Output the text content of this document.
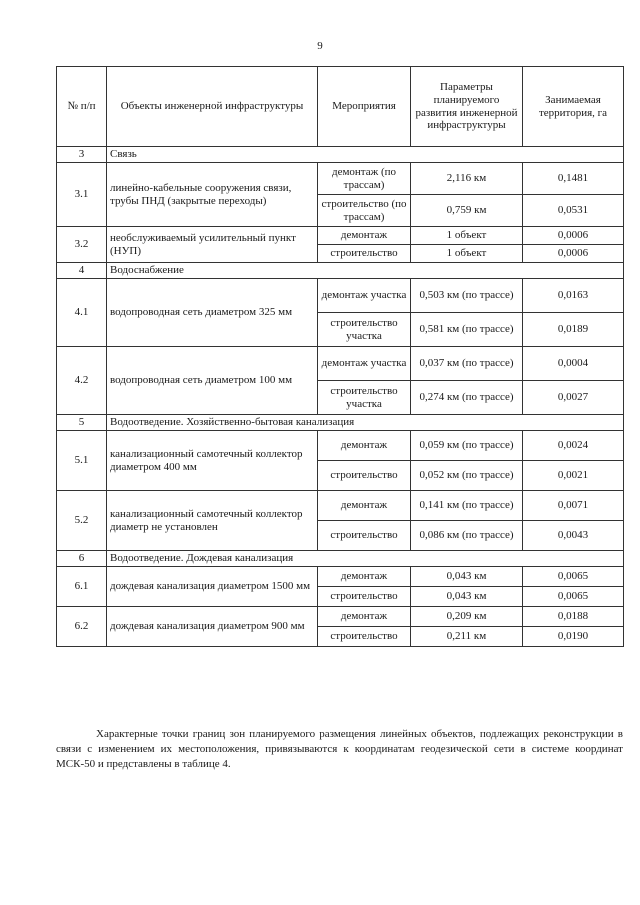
9
№ п/п	Объекты инженерной инфраструктуры	Мероприятия	Параметры планируемого развития инженерной инфраструктуры	Занимаемая территория, га
3	Связь			
3.1	линейно-кабельные сооружения связи, трубы ПНД (закрытые переходы)	демонтаж (по трассам)	2,116 км	0,1481
		строительство (по трассам)	0,759 км	0,0531
3.2	необслуживаемый усилительный пункт (НУП)	демонтаж	1 объект	0,0006
		строительство	1 объект	0,0006
4	Водоснабжение			
4.1	водопроводная сеть диаметром 325 мм	демонтаж участка	0,503 км (по трассе)	0,0163
		строительство участка	0,581 км (по трассе)	0,0189
4.2	водопроводная сеть диаметром 100 мм	демонтаж участка	0,037 км (по трассе)	0,0004
		строительство участка	0,274 км (по трассе)	0,0027
5	Водоотведение. Хозяйственно-бытовая канализация			
5.1	канализационный самотечный коллектор диаметром 400 мм	демонтаж	0,059 км (по трассе)	0,0024
		строительство	0,052 км (по трассе)	0,0021
5.2	канализационный самотечный коллектор диаметр не установлен	демонтаж	0,141 км (по трассе)	0,0071
		строительство	0,086 км (по трассе)	0,0043
6	Водоотведение. Дождевая канализация			
6.1	дождевая канализация диаметром 1500 мм	демонтаж	0,043 км	0,0065
		строительство	0,043 км	0,0065
6.2	дождевая канализация диаметром 900 мм	демонтаж	0,209 км	0,0188
		строительство	0,211 км	0,0190

Характерные точки границ зон планируемого размещения линейных объектов, подлежащих реконструкции в связи с изменением их местоположения, привязываются к координатам геодезической сети в системе координат МСК-50 и представлены в таблице 4.
